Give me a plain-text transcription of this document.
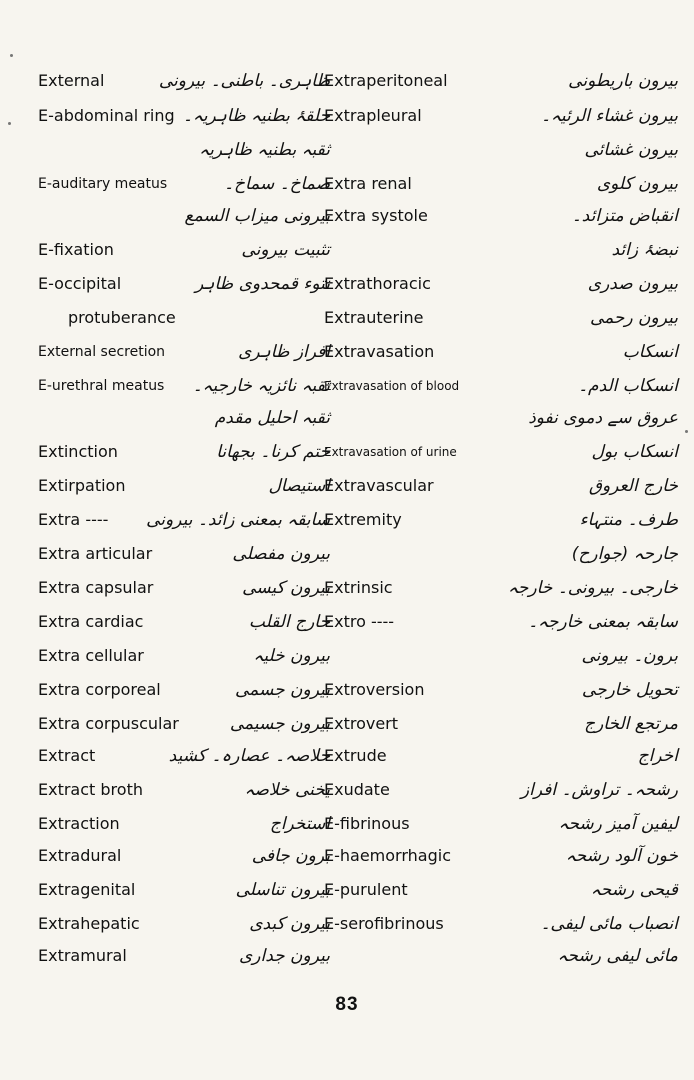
External	ظاہری۔ باطنی۔ بیرونی
E-abdominal ring حلقۂ بطنیہ ظاہریہ۔
ثقبہ بطنیہ ظاہریہ
E-auditary meatus	صماخ۔ سماخ۔
بیرونی میزاب السمع
E-fixation	تثبیت بیرونی
E-occipital	نتوء قمحدوی ظاہر
protuberance
External secretion	افراز ظاہری
E-urethral meatus ثقبہ نائزیہ خارجیہ۔
ثقبہ احلیل مقدم
Extinction	ختم کرنا۔ بجھانا
Extirpation	استیصال
Extra ---- سابقہ بمعنی زائد۔ بیرونی
Extra articular	بیرون مفصلی
Extra capsular	بیرون کیسی
Extra cardiac	خارج القلب
Extra cellular	بیرون خلیہ
Extra corporeal	بیرون جسمی
Extra corpuscular	بیرون جسیمی
Extract	خلاصہ۔ عصارہ۔ کشید
Extract broth	یخنی خلاصہ
Extraction	استخراج
Extradural	برون جافی
Extragenital	بیرون تناسلی
Extrahepatic	بیرون کبدی
Extramural	بیرون جداری
Extraperitoneal	بیرون باریطونی
Extrapleural	بیرون غشاء الرئیہ۔
بیرون غشائی
Extra renal	بیرون کلوی
Extra systole	انقباض متزائد۔
نبضۂ زائد
Extrathoracic	بیرون صدری
Extrauterine	بیرون رحمی
Extravasation	انسکاب
Extravasation of blood	انسکاب الدم۔
عروق سے دموی نفوذ
Extravasation of urine	انسکاب بول
Extravascular	خارج العروق
Extremity	طرف۔ منتہاء
جارحہ (جوارح)
Extrinsic	خارجی۔ بیرونی۔ خارجہ
Extro ----	سابقہ بمعنی خارجہ۔
برون۔ بیرونی
Extroversion	تحویل خارجی
Extrovert	مرتجع الخارج
Extrude	اخراج
Exudate	رشحہ۔ تراوش۔ افراز
E-fibrinous	لیفین آمیز رشحہ
E-haemorrhagic	خون آلود رشحہ
E-purulent	قیحی رشحہ
E-serofibrinous	انصباب مائی لیفی۔
مائی لیفی رشحہ
83
